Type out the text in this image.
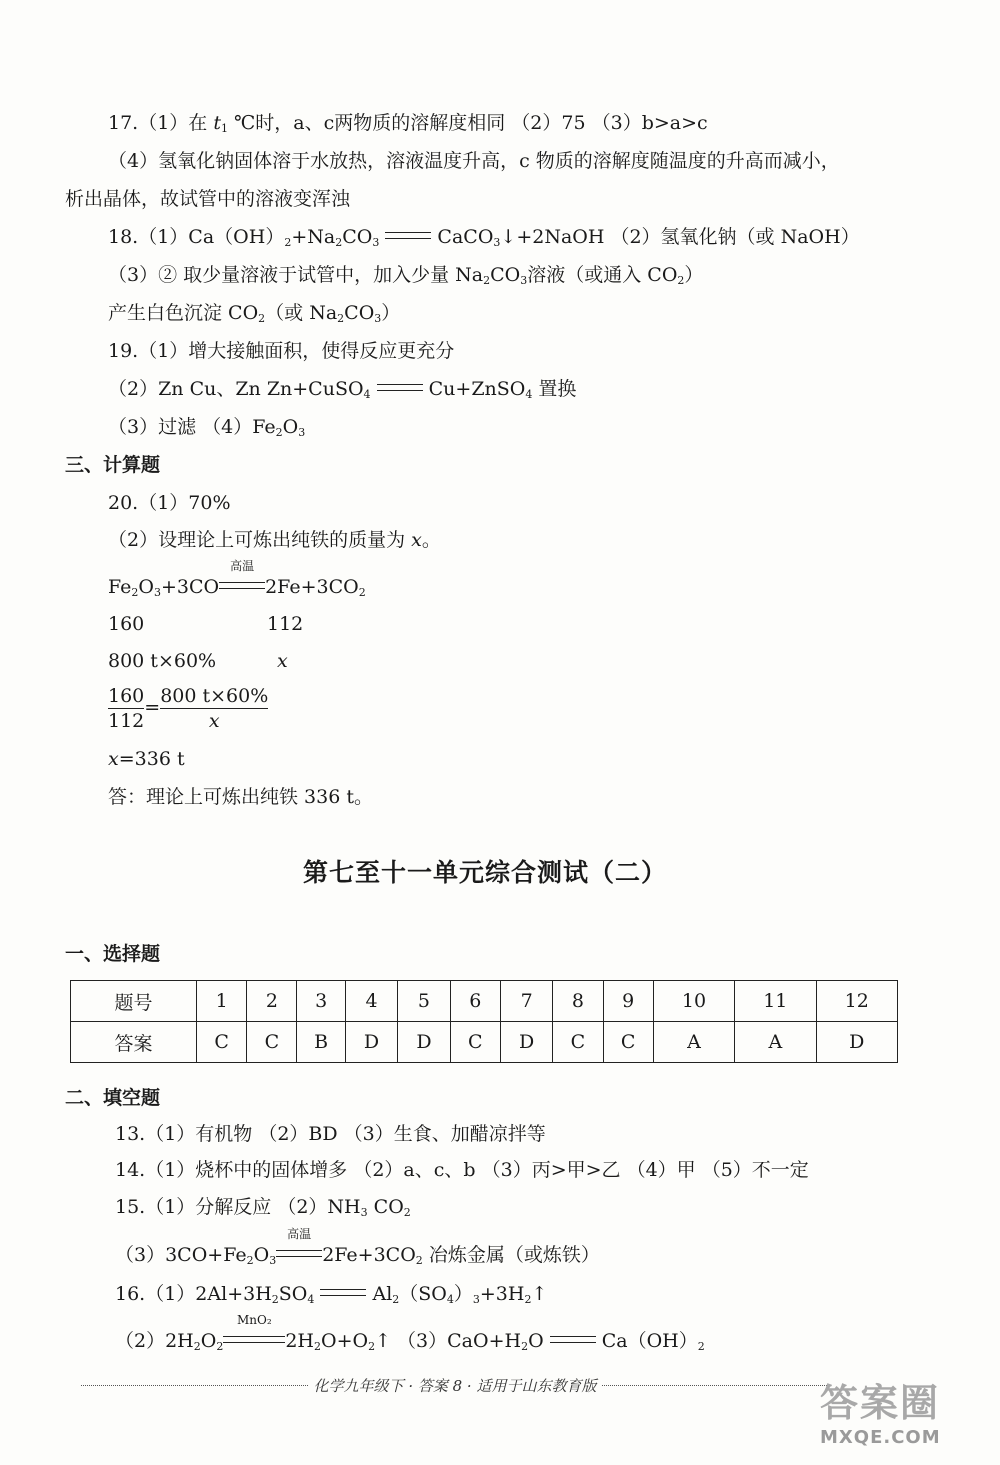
17.（1）在 $t_1$ ℃时，a、c两物质的溶解度相同 （2）75 （3）b>a>c
（4）氢氧化钠固体溶于水放热，溶液温度升高，c 物质的溶解度随温度的升高而减小，
析出晶体，故试管中的溶液变浑浊
$18.(1)Ca(OH)_2+Na_2CO_3$	CaCO$_3$↓+2NaOH （2）氢氧化钠（或 NaOH）
（3）② 取少量溶液于试管中，加入少量 $Na_2CO_3$溶液（或通入 $CO_2$）
产生白色沉淀 $CO_2$（或 $Na_2CO_3$）
19.（1）增大接触面积，使得反应更充分
（2）Zn Cu、Zn Zn+CuSO$_4$	Cu+ZnSO$_4$ 置换
（3）过滤 $(4)Fe_2O_3$
三、计算题
20.（1）70%
（2）设理论上可炼出纯铁的质量为 x。
$Fe_2O_3+3CO$
高温
$2Fe+3CO_2$
160	112
800 t×60%	x
$\frac{160}{112} = \frac{800 t\times 60\%}{x}$
x=336 t
答：理论上可炼出纯铁 336 t。
第七至十一单元综合测试（二）
一、选择题
题号	1	2	3	4	5	6	7	8	9	10	11	12
答案	C	C	B	D	D	C	D	C	C	A	A	D
二、填空题
13.（1）有机物 （2）BD （3）生食、加醋凉拌等
14.（1）烧杯中的固体增多 （2）a、c、b （3）丙>甲>乙 （4）甲 （5）不一定
15.（1）分解反应 $(2)NH_3$ $CO_2$
$(3)3CO+Fe_2O_3$
高温
$2Fe+3CO_2$ 冶炼金属（或炼铁）
$16.(1)2Al+3H_2SO_4$	$Al_2(SO_4)_3+3H_2↑$
$(2)2H_2O_2$
MnO₂
$2H_2O+O_2↑$ $(3)CaO+H_2O$	$Ca(OH)_2$
化学九年级下 · 答案 8 · 适用于山东教育版	答案圈
MXQE.COM
